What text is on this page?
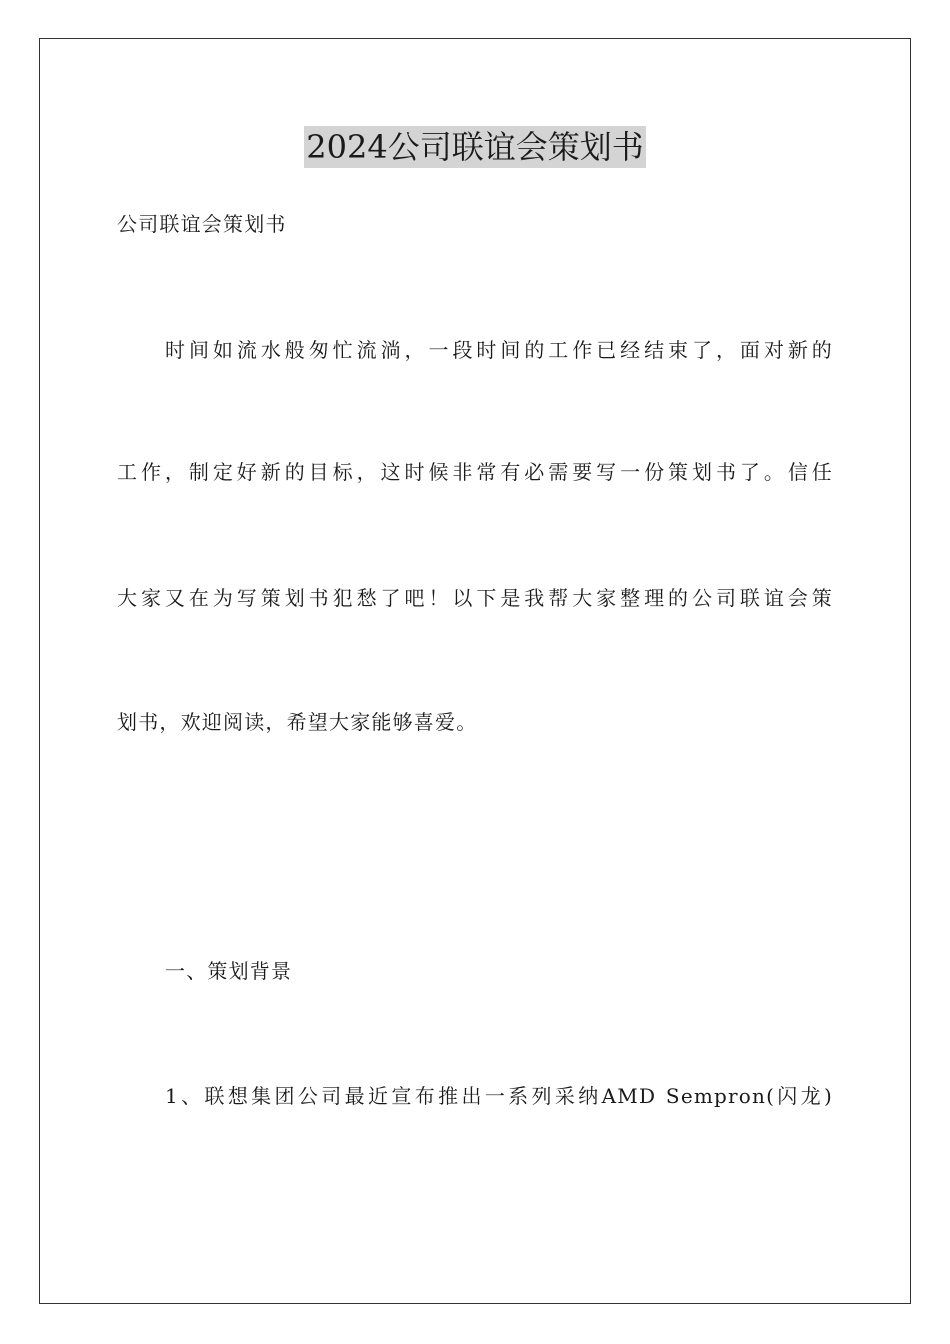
2024公司联谊会策划书
公司联谊会策划书
时间如流水般匆忙流淌，一段时间的工作已经结束了，面对新的
工作，制定好新的目标，这时候非常有必需要写一份策划书了。信任
大家又在为写策划书犯愁了吧！以下是我帮大家整理的公司联谊会策
划书，欢迎阅读，希望大家能够喜爱。
一、策划背景
1、联想集团公司最近宣布推出一系列采纳AMD Sempron(闪龙)
